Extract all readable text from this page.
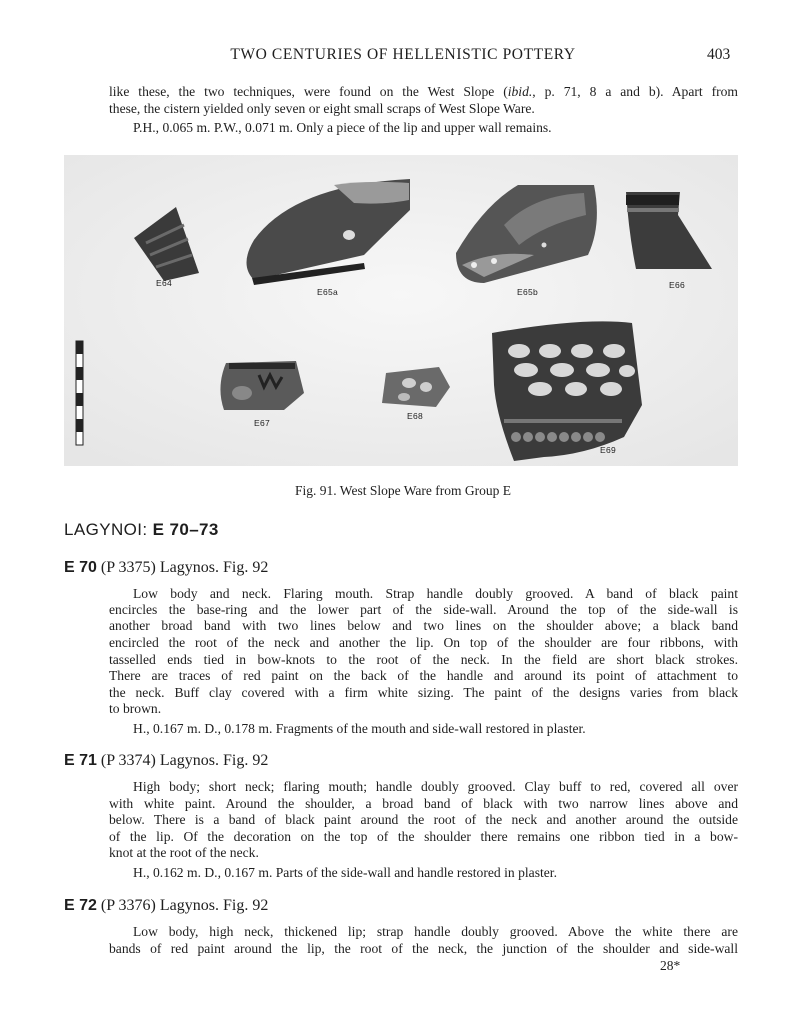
TWO CENTURIES OF HELLENISTIC POTTERY	403
like these, the two techniques, were found on the West Slope (ibid., p. 71, 8 a and b). Apart from
these, the cistern yielded only seven or eight small scraps of West Slope Ware.
P.H., 0.065 m. P.W., 0.071 m. Only a piece of the lip and upper wall remains.
E64
E65a	E65b
E66
E67
E68
E69
Fig. 91. West Slope Ware from Group E
LAGYNOI: E 70–73
E 70 (P 3375) Lagynos. Fig. 92
Low body and neck. Flaring mouth. Strap handle doubly grooved. A band of black paint
encircles the base-ring and the lower part of the side-wall. Around the top of the side-wall is
another broad band with two lines below and two lines on the shoulder above; a black band
encircled the root of the neck and another the lip. On top of the shoulder are four ribbons, with
tasselled ends tied in bow-knots to the root of the neck. In the field are short black strokes.
There are traces of red paint on the back of the handle and around its point of attachment to
the neck. Buff clay covered with a firm white sizing. The paint of the designs varies from black
to brown.
H., 0.167 m. D., 0.178 m. Fragments of the mouth and side-wall restored in plaster.
E 71 (P 3374) Lagynos. Fig. 92
High body; short neck; flaring mouth; handle doubly grooved. Clay buff to red, covered all over
with white paint. Around the shoulder, a broad band of black with two narrow lines above and
below. There is a band of black paint around the root of the neck and another around the outside
of the lip. Of the decoration on the top of the shoulder there remains one ribbon tied in a bow-
knot at the root of the neck.
H., 0.162 m. D., 0.167 m. Parts of the side-wall and handle restored in plaster.
E 72 (P 3376) Lagynos. Fig. 92
Low body, high neck, thickened lip; strap handle doubly grooved. Above the white there are
bands of red paint around the lip, the root of the neck, the junction of the shoulder and side-wall
28*
